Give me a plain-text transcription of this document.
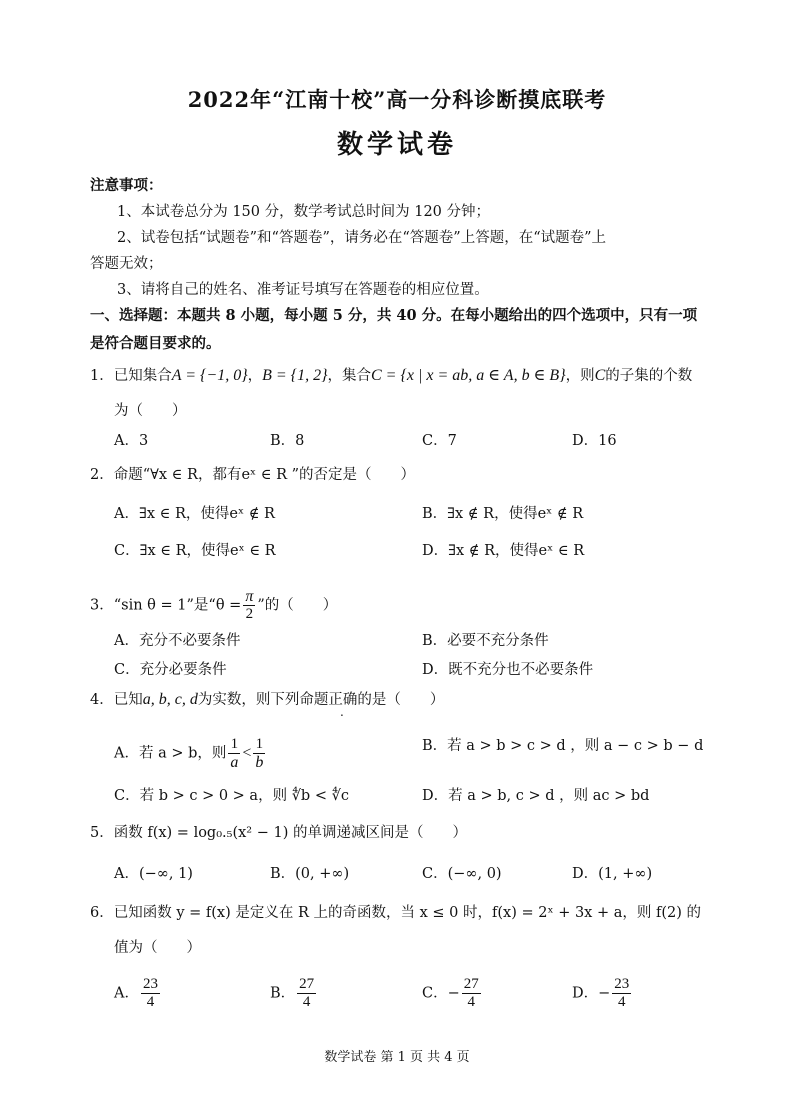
2022年“江南十校”高一分科诊断摸底联考
数学试卷
注意事项：
1、本试卷总分为 150 分，数学考试总时间为 120 分钟；
2、试卷包括“试题卷”和“答题卷”，请务必在“答题卷”上答题，在“试题卷”上
答题无效；
3、请将自己的姓名、准考证号填写在答题卷的相应位置。
一、选择题：本题共 8 小题，每小题 5 分，共 40 分。在每小题给出的四个选项中，只有一项
是符合题目要求的。
1．已知集合A = {−1, 0}，B = {1, 2}，集合C = {x | x = ab, a ∈ A, b ∈ B}，则C的子集的个数
为（　　）
A．3	B．8	C．7	D．16
2．命题“∀x ∈ R，都有eˣ ∈ R ”的否定是（　　）
A．∃x ∈ R，使得eˣ ∉ R	B．∃x ∉ R，使得eˣ ∉ R
C．∃x ∈ R，使得eˣ ∈ R	D．∃x ∉ R，使得eˣ ∈ R
3．“sin θ = 1”是“$\theta = \frac{\pi}{2}$ ”的（　　）
A．充分不必要条件	B．必要不充分条件
C．充分必要条件	D．既不充分也不必要条件
4．已知a, b, c, d为实数，则下列命题正确的是（　　）
A．若 a > b，则 $\frac{1}{a} < \frac{1}{b}$	B．若 a > b > c > d ，则 a − c > b − d
C．若 b > c > 0 > a，则 ∜b < ∜c	D．若 a > b, c > d ，则 ac > bd
5．函数 f(x) = log₀.₅(x² − 1) 的单调递减区间是（　　）
A．(−∞, 1)	B．(0, +∞)	C．(−∞, 0)	D．(1, +∞)
6．已知函数 y = f(x) 是定义在 R 上的奇函数，当 x ≤ 0 时，f(x) = 2ˣ + 3x + a，则 f(2) 的
值为（　　）
A． $\frac{23}{4}$	B． $\frac{27}{4}$	C．− $\frac{27}{4}$	D．− $\frac{23}{4}$
数学试卷 第 1 页 共 4 页
